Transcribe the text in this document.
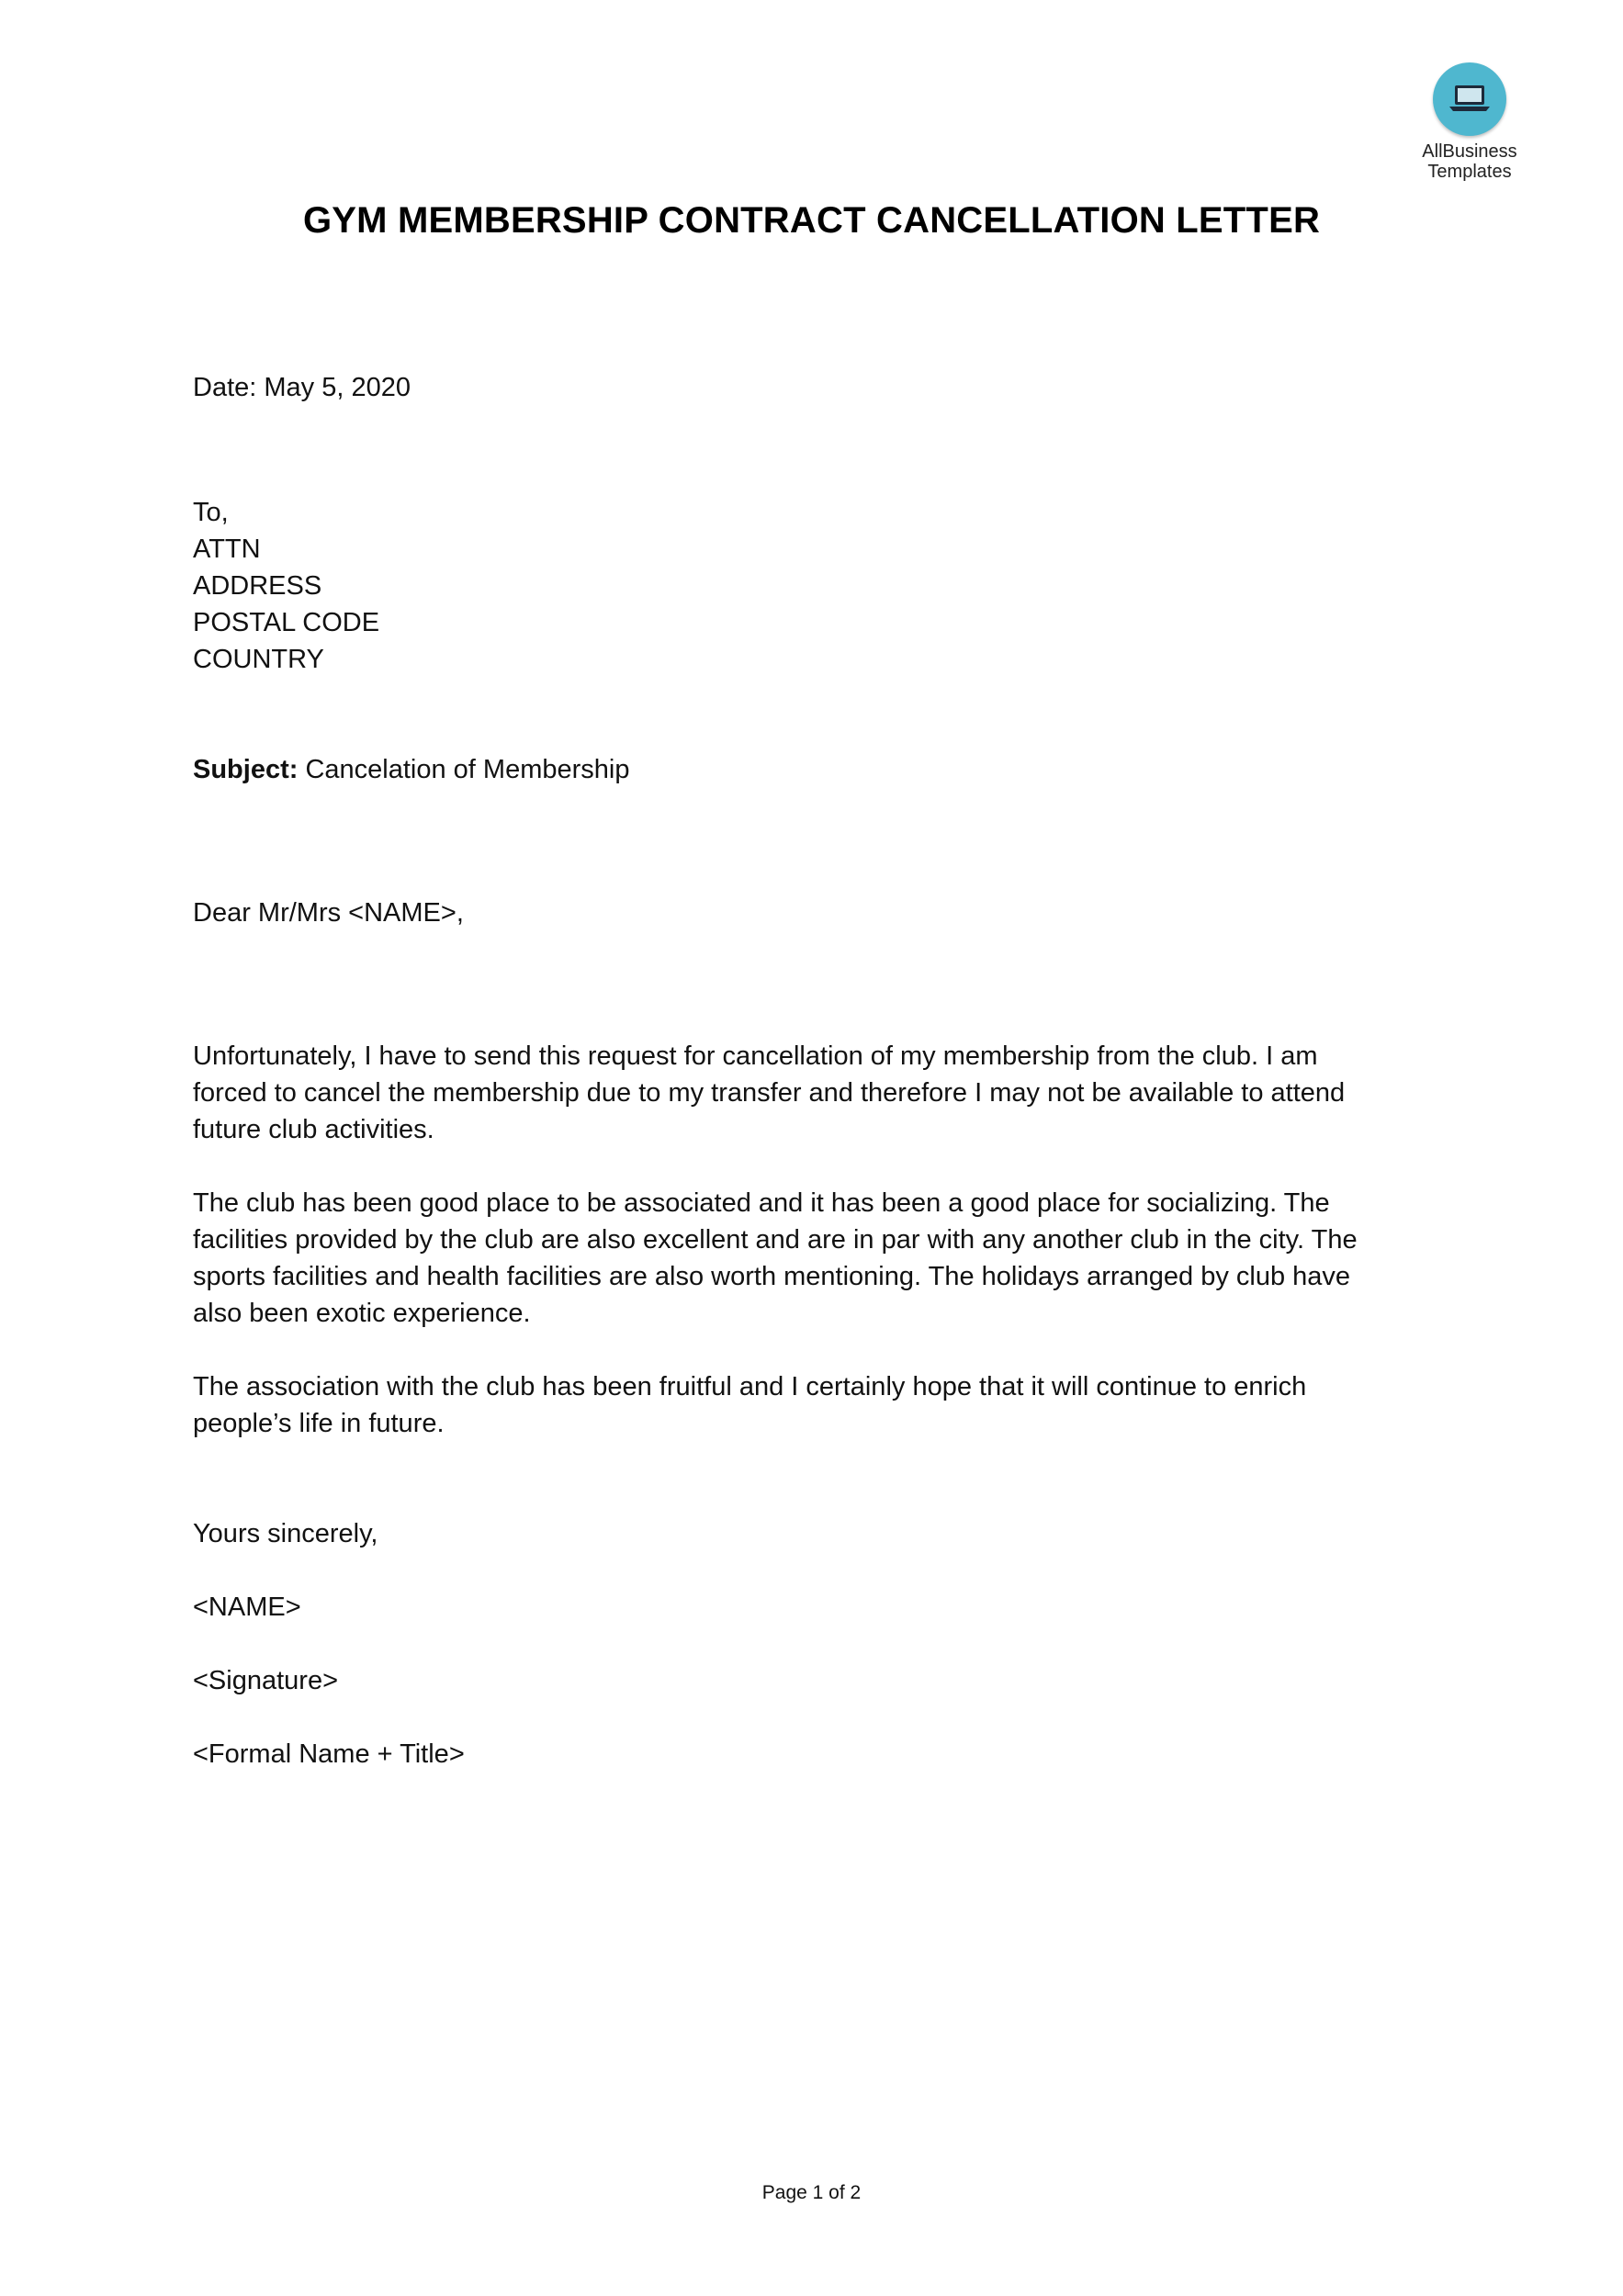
AllBusiness
Templates
GYM MEMBERSHIP CONTRACT CANCELLATION LETTER
Date: May 5, 2020
To,
ATTN
ADDRESS
POSTAL CODE
COUNTRY
Subject: Cancelation of Membership
Dear Mr/Mrs <NAME>,
Unfortunately, I have to send this request for cancellation of my membership from the club. I am
forced to cancel the membership due to my transfer and therefore I may not be available to attend
future club activities.
The club has been good place to be associated and it has been a good place for socializing. The
facilities provided by the club are also excellent and are in par with any another club in the city. The
sports facilities and health facilities are also worth mentioning. The holidays arranged by club have
also been exotic experience.
The association with the club has been fruitful and I certainly hope that it will continue to enrich
people’s life in future.
Yours sincerely,
<NAME>
<Signature>
<Formal Name + Title>
Page 1 of 2
